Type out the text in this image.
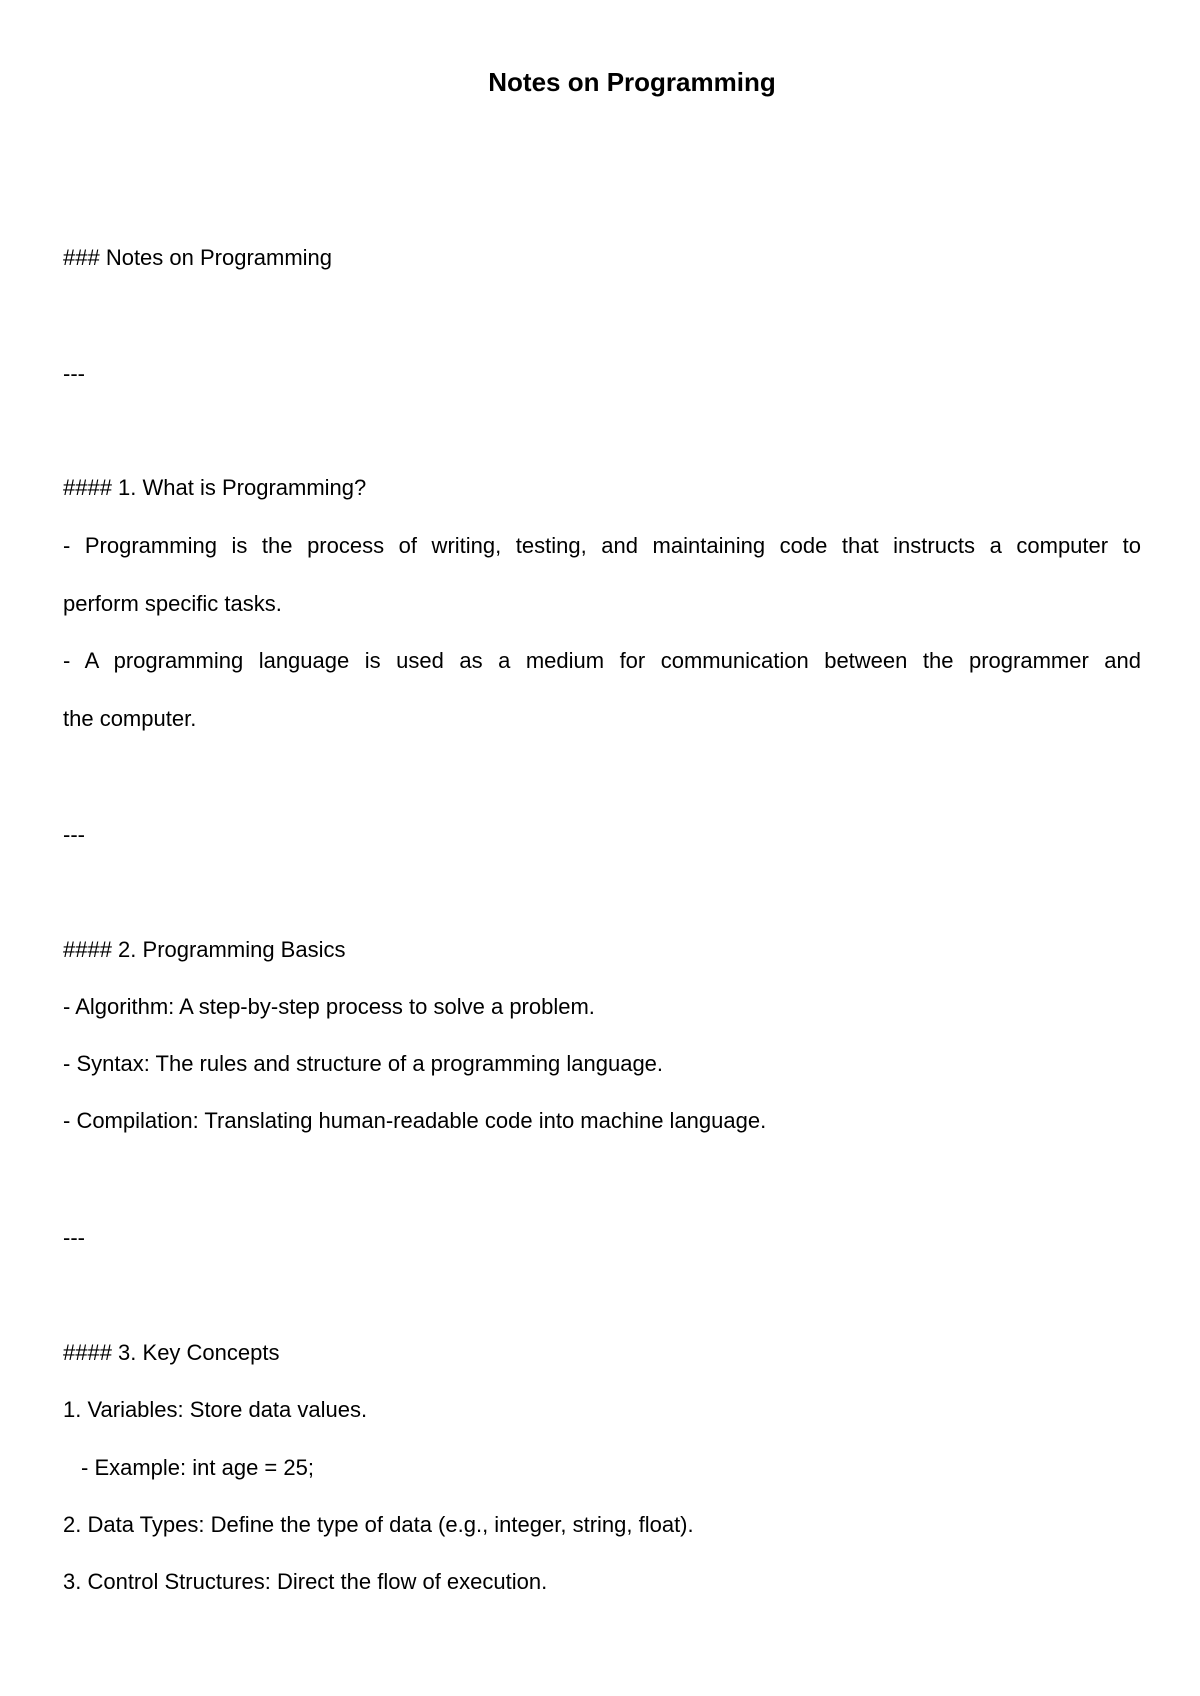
Notes on Programming

### Notes on Programming

---

#### 1. What is Programming?

- Programming is the process of writing, testing, and maintaining code that instructs a computer to

perform specific tasks.

- A programming language is used as a medium for communication between the programmer and

the computer.

---

#### 2. Programming Basics

- Algorithm: A step-by-step process to solve a problem.

- Syntax: The rules and structure of a programming language.

- Compilation: Translating human-readable code into machine language.

---

#### 3. Key Concepts

1. Variables: Store data values.

- Example: int age = 25;

2. Data Types: Define the type of data (e.g., integer, string, float).

3. Control Structures: Direct the flow of execution.
